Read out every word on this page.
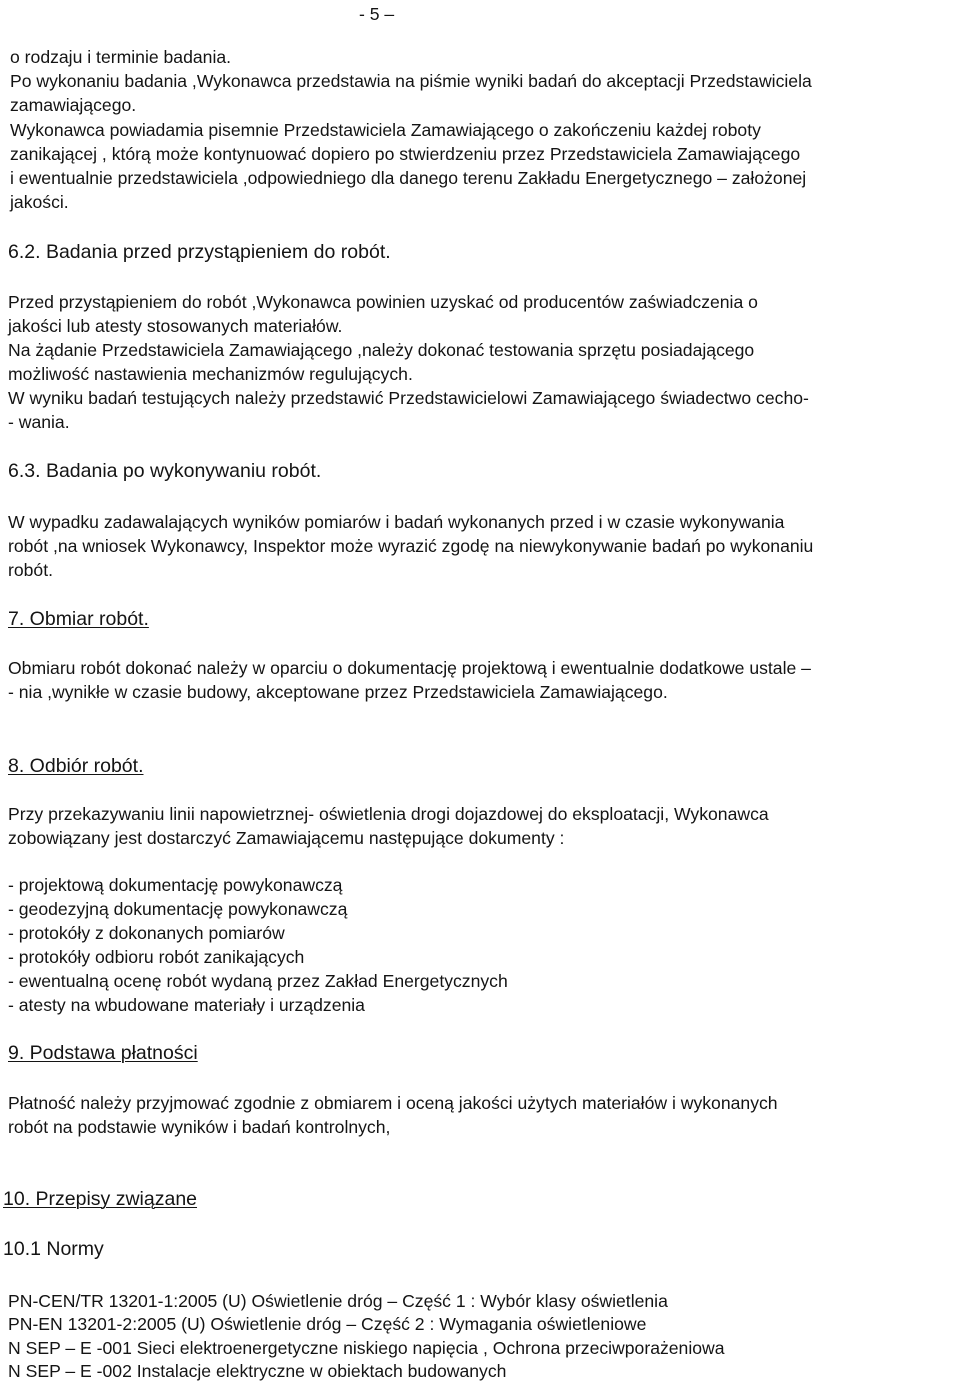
- 5 –
o rodzaju i terminie badania.
Po wykonaniu badania ,Wykonawca przedstawia na piśmie wyniki badań do akceptacji Przedstawiciela
zamawiającego.
Wykonawca powiadamia pisemnie Przedstawiciela Zamawiającego o zakończeniu każdej roboty
zanikającej , którą może kontynuować dopiero po stwierdzeniu przez Przedstawiciela Zamawiającego
i ewentualnie przedstawiciela ,odpowiedniego dla danego terenu Zakładu Energetycznego – założonej
jakości.
6.2. Badania przed przystąpieniem do robót.
Przed przystąpieniem do robót ,Wykonawca powinien uzyskać od producentów zaświadczenia o
jakości lub atesty stosowanych materiałów.
Na żądanie Przedstawiciela Zamawiającego ,należy dokonać testowania sprzętu posiadającego
możliwość nastawienia mechanizmów regulujących.
W wyniku badań testujących należy przedstawić Przedstawicielowi Zamawiającego świadectwo cecho-
- wania.
6.3. Badania po wykonywaniu robót.
W wypadku zadawalających wyników pomiarów i badań wykonanych przed i w czasie wykonywania
robót ,na wniosek Wykonawcy, Inspektor może wyrazić zgodę na niewykonywanie badań po wykonaniu
robót.
7. Obmiar robót.
Obmiaru robót dokonać należy w oparciu o dokumentację projektową i ewentualnie dodatkowe ustale –
- nia ,wynikłe w czasie budowy, akceptowane przez Przedstawiciela Zamawiającego.
8. Odbiór robót.
Przy przekazywaniu linii napowietrznej- oświetlenia drogi dojazdowej do eksploatacji, Wykonawca
zobowiązany jest dostarczyć Zamawiającemu następujące dokumenty :
- projektową dokumentację powykonawczą
- geodezyjną dokumentację powykonawczą
- protokóły z dokonanych pomiarów
- protokóły odbioru robót zanikających
- ewentualną ocenę robót wydaną przez Zakład Energetycznych
- atesty na wbudowane materiały i urządzenia
9. Podstawa płatności
Płatność należy przyjmować zgodnie z obmiarem i oceną jakości użytych materiałów i wykonanych
robót na podstawie wyników i badań kontrolnych,
10. Przepisy związane
10.1 Normy
PN-CEN/TR 13201-1:2005 (U) Oświetlenie dróg – Część 1 : Wybór klasy oświetlenia
PN-EN 13201-2:2005 (U) Oświetlenie dróg – Część 2 : Wymagania oświetleniowe
N SEP – E -001 Sieci elektroenergetyczne niskiego napięcia , Ochrona przeciwporażeniowa
N SEP – E -002 Instalacje elektryczne w obiektach budowanych
